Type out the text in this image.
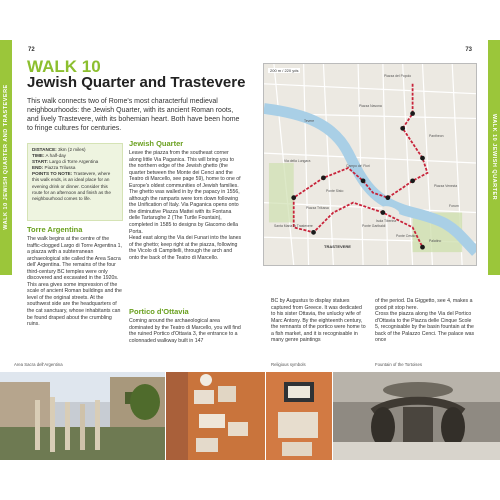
WALK 10 JEWISH QUARTER AND TRASTEVERE	WALK 10 JEWISH QUARTER
72	73
WALK 10
Jewish Quarter and Trastevere
This walk connects two of Rome's most characterful medieval neighbourhoods: the Jewish Quarter, with its ancient Roman roots, and lively Trastevere, with its bohemian heart. Both have been home to fringe cultures for centuries.
DISTANCE: 3km (2 miles)
TIME: A half-day
START: Largo di Torre Argentina
END: Piazza Trilussa
POINTS TO NOTE: Trastevere, where this walk ends, is an ideal place for an evening drink or dinner. Consider this route for an afternoon and finish as the neighbourhood comes to life.
Torre Argentina
The walk begins at the centre of the traffic-clogged Largo di Torre Argentina 1, a piazza with a subterranean archaeological site called the Area Sacra dell' Argentina. The remains of the four third-century BC temples were only discovered and excavated in the 1920s. This area gives some impression of the scale of ancient Roman buildings and the level of the original streets. At the southwest side are the headquarters of the cat sanctuary, whose inhabitants can be found draped about the crumbling ruins.
Jewish Quarter
Leave the piazza from the southeast corner along little Via Paganica. This will bring you to the northern edge of the Jewish ghetto (the quarter between the Monte dei Cenci and the Teatro di Marcello, see page 59), home to one of Europe's oldest communities of Jewish families. The ghetto was walled in by the papacy in 1556, although the ramparts were torn down following the Unification of Italy. Via Paganica opens onto the diminutive Piazza Mattei with its Fontana delle Tartarughe 2 (The Turtle Fountain), completed in 1585 to designs by Giacomo della Porta.
Head east along the Via dei Funari into the lanes of the ghetto; keep right at the piazza, following the Vicolo di Campitelli, through the arch and onto the back of the Teatro di Marcello.
Portico d'Ottavia
Coming around the archaeological area dominated by the Teatro di Marcello, you will find the ruined Portico d'Ottavia 3, the entrance to a colonnaded walkway built in 147
BC by Augustus to display statues captured from Greece. It was dedicated to his sister Ottavia, the unlucky wife of Marc Antony. By the eighteenth century, the remnants of the portico were home to a fish market, and it is recognisable in many genre paintings
of the period. Da Giggetto, see 4, makes a good pit stop here.
Cross the piazza along the Via del Portico d'Ottavia to the Piazza delle Cinque Scole 5, recognisable by the basin fountain at the back of the Palazzo Cenci. The palace was once
200 m / 220 yds
Piazza del Popolo
Tevere
Piazza Navona
Campo de' Fiori
Pantheon
Santa Maria in Trastevere
TRASTEVERE
Isola Tiberina
Piazza Venezia
Ponte Sisto
Ponte Garibaldi
Via della Lungara
Forum
Ponte Cestio
Piazza Trilussa
Palatino
Area Sacra dell'Argentina	Religious symbols	Fountain of the Tortoises
